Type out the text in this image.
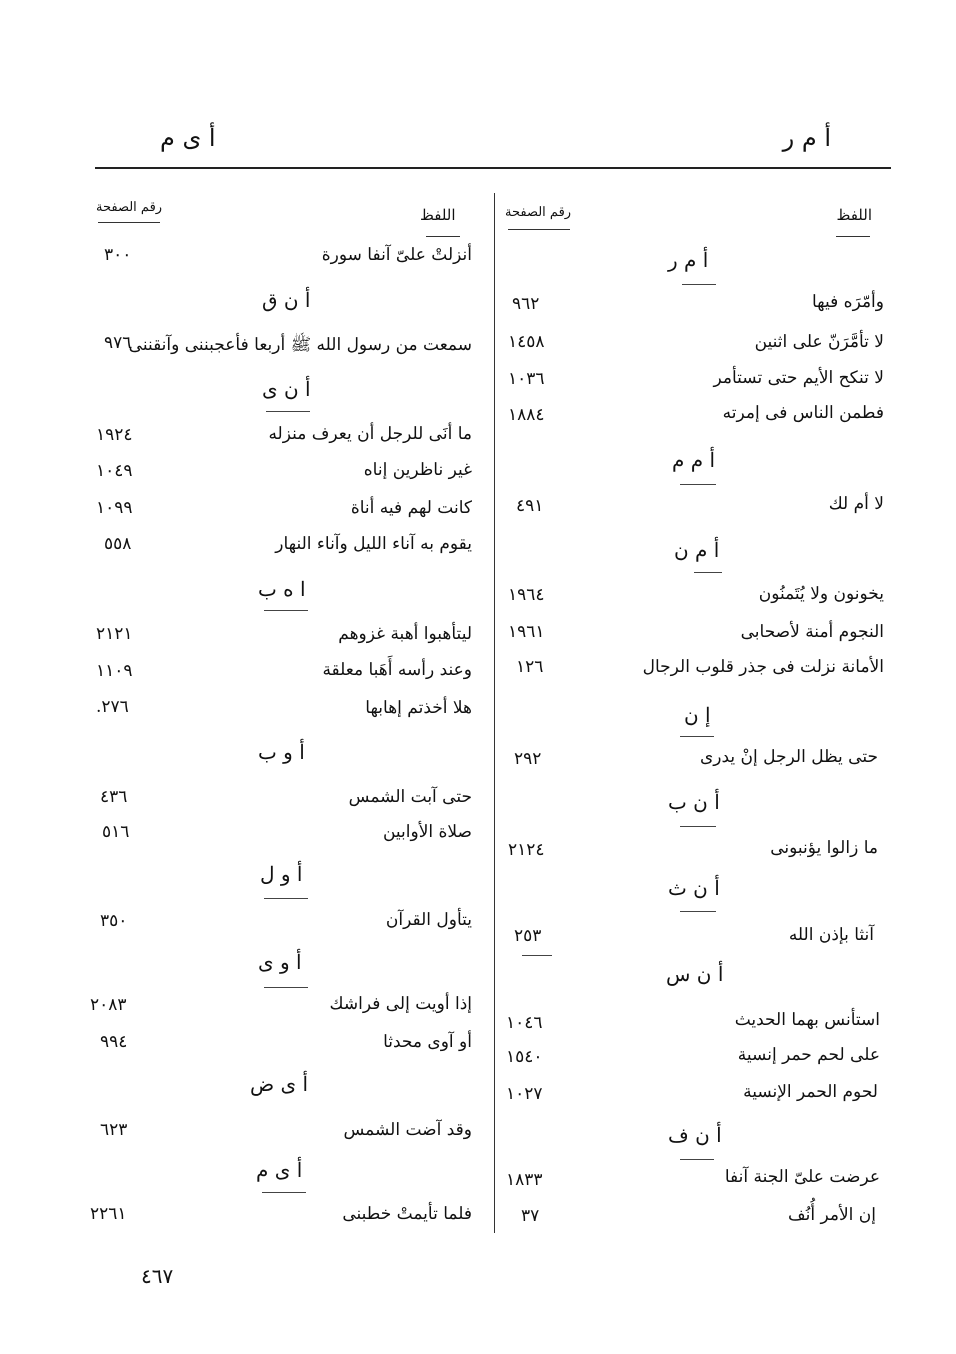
أ م ر
أ ى م
اللفظ
رقم الصفحة
اللفظ
رقم الصفحة
أ م ر
وأمّرَه فيها
٩٦٢
لا تأمَّرَنّ على اثنين
١٤٥٨
لا تنكح الأيم حتى تستأمر
١٠٣٦
فطمن الناس فى إمرته
١٨٨٤
أ م م
لا أم لك
٤٩١
أ م ن
يخونون ولا يُتَمنُون
١٩٦٤
النجوم أمنة لأصحابى
١٩٦١
الأمانة نزلت فى جذر قلوب الرجال
١٢٦
إ ن
حتى يظل الرجل إنْ يدرى
٢٩٢
أ ن ب
ما زالوا يؤنبونى
٢١٢٤
أ ن ث
آنثا بإذن الله
٢٥٣
أ ن س
استأنس بهما الحديث
١٠٤٦
على لحم حمر إنسية
١٥٤٠
لحوم الحمر الإنسية
١٠٢٧
أ ن ف
عرضت علىّ الجنة آنفا
١٨٣٣
إن الأمر أُنُف
٣٧
أنزلتْ علىّ آنفا سورة
٣٠٠
أ ن ق
سمعت من رسول الله ﷺ أربعا فأعجبننى وآنقننى
٩٧٦
أ ن ى
ما أنَى للرجل أن يعرف منزله
١٩٢٤
غير ناظرين إناه
١٠٤٩
كانت لهم فيه أناة
١٠٩٩
يقوم به آناء الليل وآناء النهار
٥٥٨
ا ه ب
ليتأهبوا أهبة غزوهم
٢١٢١
وعند رأسه أَهَبا معلقة
١١٠٩
هلا أخذتم إهابها
.٢٧٦
أ و ب
حتى آبت الشمس
٤٣٦
صلاة الأوابين
٥١٦
أ و ل
يتأول القرآن
٣٥٠
أ و ى
إذا أويت إلى فراشك
٢٠٨٣
أو آوى محدثا
٩٩٤
أ ى ض
وقد آضت الشمس
٦٢٣
أ ى م
فلما تأيمتْ خطبنى
٢٢٦١
٤٦٧
